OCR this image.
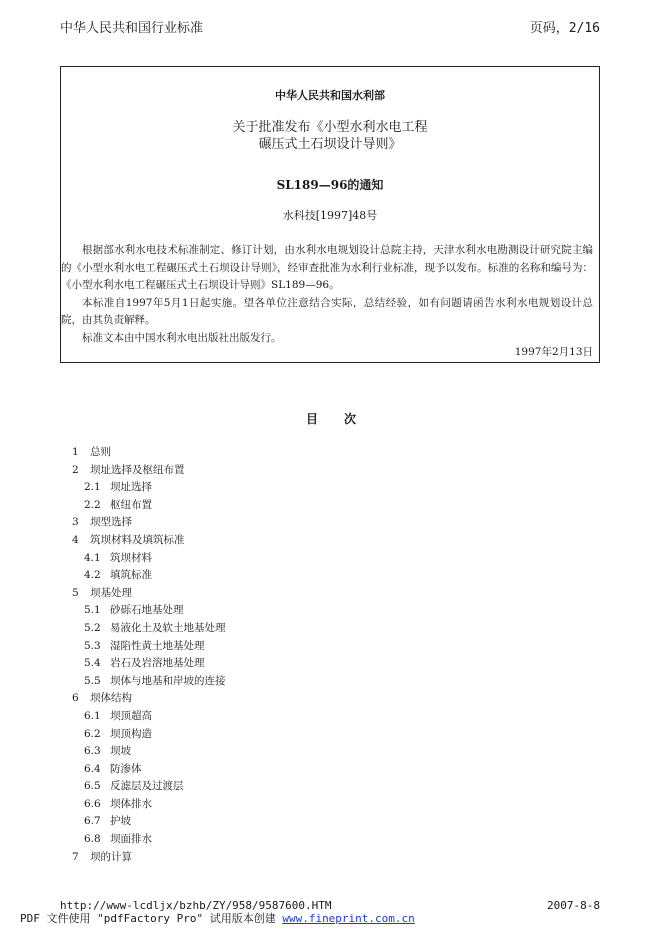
中华人民共和国行业标准	页码，2/16
中华人民共和国水利部
关于批准发布《小型水利水电工程
碾压式土石坝设计导则》
SL189—96的通知
水科技[1997]48号

根据部水利水电技术标准制定、修订计划，由水利水电规划设计总院主持，天津水利水电勘测设计研究院主编的《小型水利水电工程碾压式土石坝设计导则》，经审查批准为水利行业标准，现予以发布。标准的名称和编号为：《小型水利水电工程碾压式土石坝设计导则》SL189—96。

本标准自1997年5月1日起实施。望各单位注意结合实际，总结经验，如有问题请函告水利水电规划设计总院，由其负责解释。

标准文本由中国水利水电出版社出版发行。

1997年2月13日
目次
1 总则
2 坝址选择及枢纽布置
2.1 坝址选择
2.2 枢纽布置
3 坝型选择
4 筑坝材料及填筑标准
4.1 筑坝材料
4.2 填筑标准
5 坝基处理
5.1 砂砾石地基处理
5.2 易液化土及软土地基处理
5.3 湿陷性黄土地基处理
5.4 岩石及岩溶地基处理
5.5 坝体与地基和岸坡的连接
6 坝体结构
6.1 坝顶超高
6.2 坝顶构造
6.3 坝坡
6.4 防渗体
6.5 反滤层及过渡层
6.6 坝体排水
6.7 护坡
6.8 坝面排水
7 坝的计算
http://www-lcdljx/bzhb/ZY/958/9587600.HTM	2007-8-8
PDF 文件使用 "pdfFactory Pro" 试用版本创建 www.fineprint.com.cn
